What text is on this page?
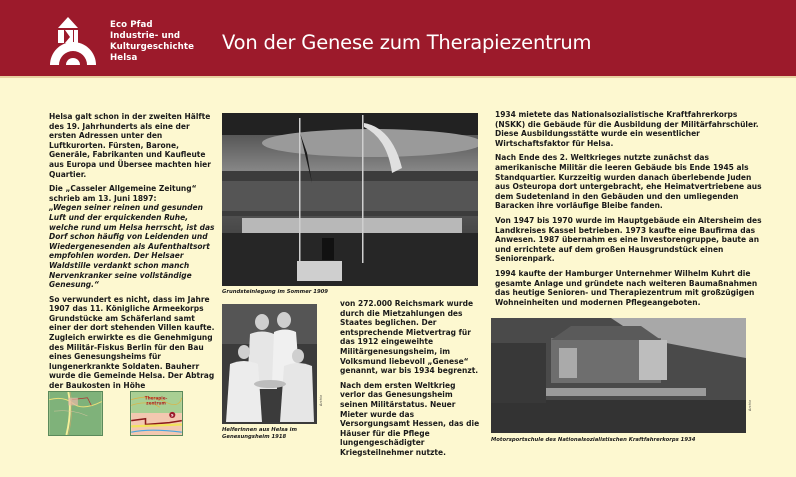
Eco Pfad
Industrie- und
Kulturgeschichte
Helsa
Von der Genese zum Therapiezentrum

Helsa galt schon in der zweiten Hälfte des 19. Jahrhunderts als eine der ersten Adressen unter den Luftkurorten. Fürsten, Barone, Generäle, Fabrikanten und Kaufleute aus Europa und Übersee machten hier Quartier.

Die „Casseler Allgemeine Zeitung“ schrieb am 13. Juni 1897:

„Wegen seiner reinen und gesunden Luft und der erquickenden Ruhe, welche rund um Helsa herrscht, ist das Dorf schon häufig von Leidenden und Wiedergenesenden als Aufenthaltsort empfohlen worden. Der Helsaer Waldstille verdankt schon manch Nervenkranker seine vollständige Genesung.“

So verwundert es nicht, dass im Jahre 1907 das 11. Königliche Armeekorps Grundstücke am Schäferland samt einer der dort stehenden Villen kaufte. Zugleich erwirkte es die Genehmigung des Militär-Fiskus Berlin für den Bau eines Genesungsheims für lungenerkrankte Soldaten. Bauherr wurde die Gemeinde Helsa. Der Abtrag der Baukosten in Höhe

Therapie-
zentrum
9
Grundsteinlegung im Sommer 1909
Archiv
Helferinnen aus Helsa im
Genesungsheim 1918

von 272.000 Reichsmark wurde durch die Mietzahlungen des Staates beglichen. Der entsprechende Mietvertrag für das 1912 eingeweihte Militärgenesungsheim, im Volksmund liebevoll „Genese“ genannt, war bis 1934 begrenzt.

Nach dem ersten Weltkrieg verlor das Genesungsheim seinen Militärstatus. Neuer Mieter wurde das Versorgungsamt Hessen, das die Häuser für die Pflege lungengeschädigter Kriegsteilnehmer nutzte.

1934 mietete das Nationalsozialistische Kraftfahrerkorps (NSKK) die Gebäude für die Ausbildung der Militärfahrschüler. Diese Ausbildungsstätte wurde ein wesentlicher Wirtschaftsfaktor für Helsa.

Nach Ende des 2. Weltkrieges nutzte zunächst das amerikanische Militär die leeren Gebäude bis Ende 1945 als Standquartier. Kurzzeitig wurden danach überlebende Juden aus Osteuropa dort untergebracht, ehe Heimatvertriebene aus dem Sudetenland in den Gebäuden und den umliegenden Baracken ihre vorläufige Bleibe fanden.

Von 1947 bis 1970 wurde im Hauptgebäude ein Altersheim des Landkreises Kassel betrieben. 1973 kaufte eine Baufirma das Anwesen. 1987 übernahm es eine Investorengruppe, baute an und errichtete auf dem großen Hausgrundstück einen Seniorenpark.

1994 kaufte der Hamburger Unternehmer Wilhelm Kuhrt die gesamte Anlage und gründete nach weiteren Baumaßnahmen das heutige Senioren- und Therapiezentrum mit großzügigen Wohneinheiten und modernen Pflegeangeboten.

Archiv
Motorsportschule des Nationalsozialistischen Kraftfahrerkorps 1934
